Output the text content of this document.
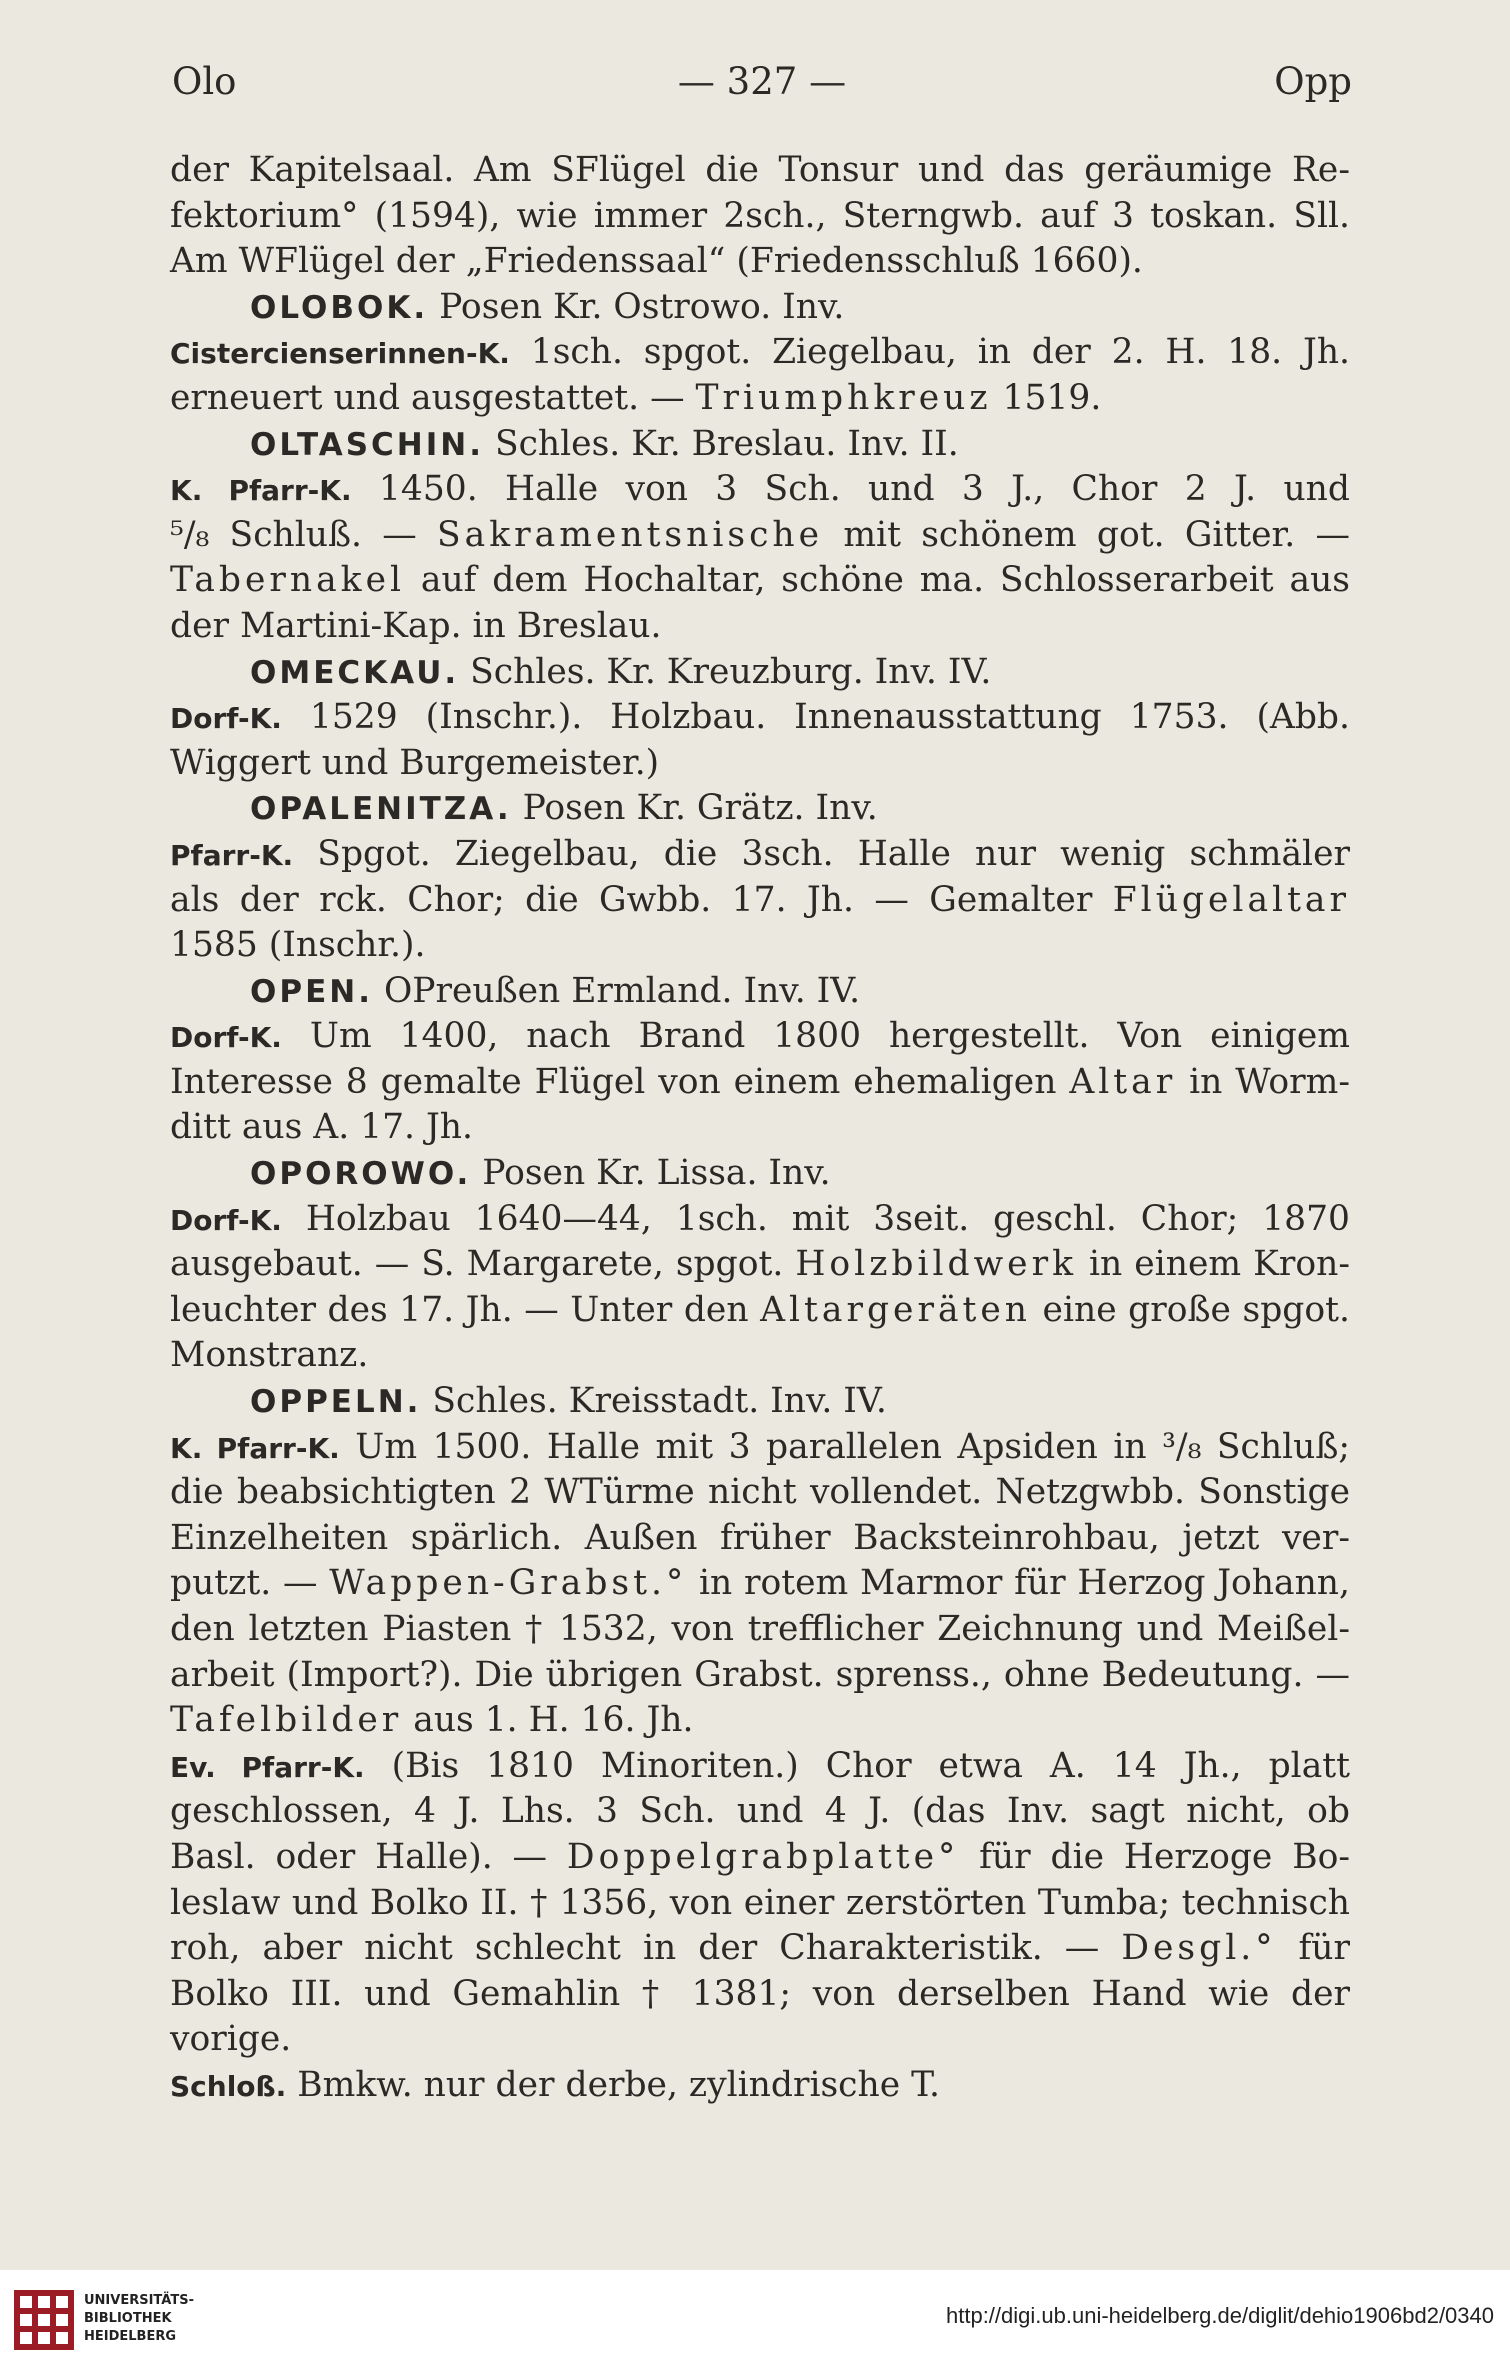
Olo	— 327 —	Opp
der Kapitelsaal. Am SFlügel die Tonsur und das geräumige Re-
fektorium° (1594), wie immer 2sch., Sterngwb. auf 3 toskan. Sll.
Am WFlügel der „Friedenssaal“ (Friedensschluß 1660).
OLOBOK. Posen Kr. Ostrowo. Inv.
Cistercienserinnen-K. 1sch. spgot. Ziegelbau, in der 2. H. 18. Jh.
erneuert und ausgestattet. — Triumphkreuz 1519.
OLTASCHIN. Schles. Kr. Breslau. Inv. II.
K. Pfarr-K. 1450. Halle von 3 Sch. und 3 J., Chor 2 J. und
⁵/₈ Schluß. — Sakramentsnische mit schönem got. Gitter. —
Tabernakel auf dem Hochaltar, schöne ma. Schlosserarbeit aus
der Martini-Kap. in Breslau.
OMECKAU. Schles. Kr. Kreuzburg. Inv. IV.
Dorf-K. 1529 (Inschr.). Holzbau. Innenausstattung 1753. (Abb.
Wiggert und Burgemeister.)
OPALENITZA. Posen Kr. Grätz. Inv.
Pfarr-K. Spgot. Ziegelbau, die 3sch. Halle nur wenig schmäler
als der rck. Chor; die Gwbb. 17. Jh. — Gemalter Flügelaltar
1585 (Inschr.).
OPEN. OPreußen Ermland. Inv. IV.
Dorf-K. Um 1400, nach Brand 1800 hergestellt. Von einigem
Interesse 8 gemalte Flügel von einem ehemaligen Altar in Worm-
ditt aus A. 17. Jh.
OPOROWO. Posen Kr. Lissa. Inv.
Dorf-K. Holzbau 1640—44, 1sch. mit 3seit. geschl. Chor; 1870
ausgebaut. — S. Margarete, spgot. Holzbildwerk in einem Kron-
leuchter des 17. Jh. — Unter den Altargeräten eine große spgot.
Monstranz.
OPPELN. Schles. Kreisstadt. Inv. IV.
K. Pfarr-K. Um 1500. Halle mit 3 parallelen Apsiden in ³/₈ Schluß;
die beabsichtigten 2 WTürme nicht vollendet. Netzgwbb. Sonstige
Einzelheiten spärlich. Außen früher Backsteinrohbau, jetzt ver-
putzt. — Wappen-Grabst.° in rotem Marmor für Herzog Johann,
den letzten Piasten † 1532, von trefflicher Zeichnung und Meißel-
arbeit (Import?). Die übrigen Grabst. sprenss., ohne Bedeutung. —
Tafelbilder aus 1. H. 16. Jh.
Ev. Pfarr-K. (Bis 1810 Minoriten.) Chor etwa A. 14 Jh., platt
geschlossen, 4 J. Lhs. 3 Sch. und 4 J. (das Inv. sagt nicht, ob
Basl. oder Halle). — Doppelgrabplatte° für die Herzoge Bo-
leslaw und Bolko II. † 1356, von einer zerstörten Tumba; technisch
roh, aber nicht schlecht in der Charakteristik. — Desgl.° für
Bolko III. und Gemahlin † 1381; von derselben Hand wie der
vorige.
Schloß. Bmkw. nur der derbe, zylindrische T.
UNIVERSITÄTS-
BIBLIOTHEK
HEIDELBERG
http://digi.ub.uni-heidelberg.de/diglit/dehio1906bd2/0340
